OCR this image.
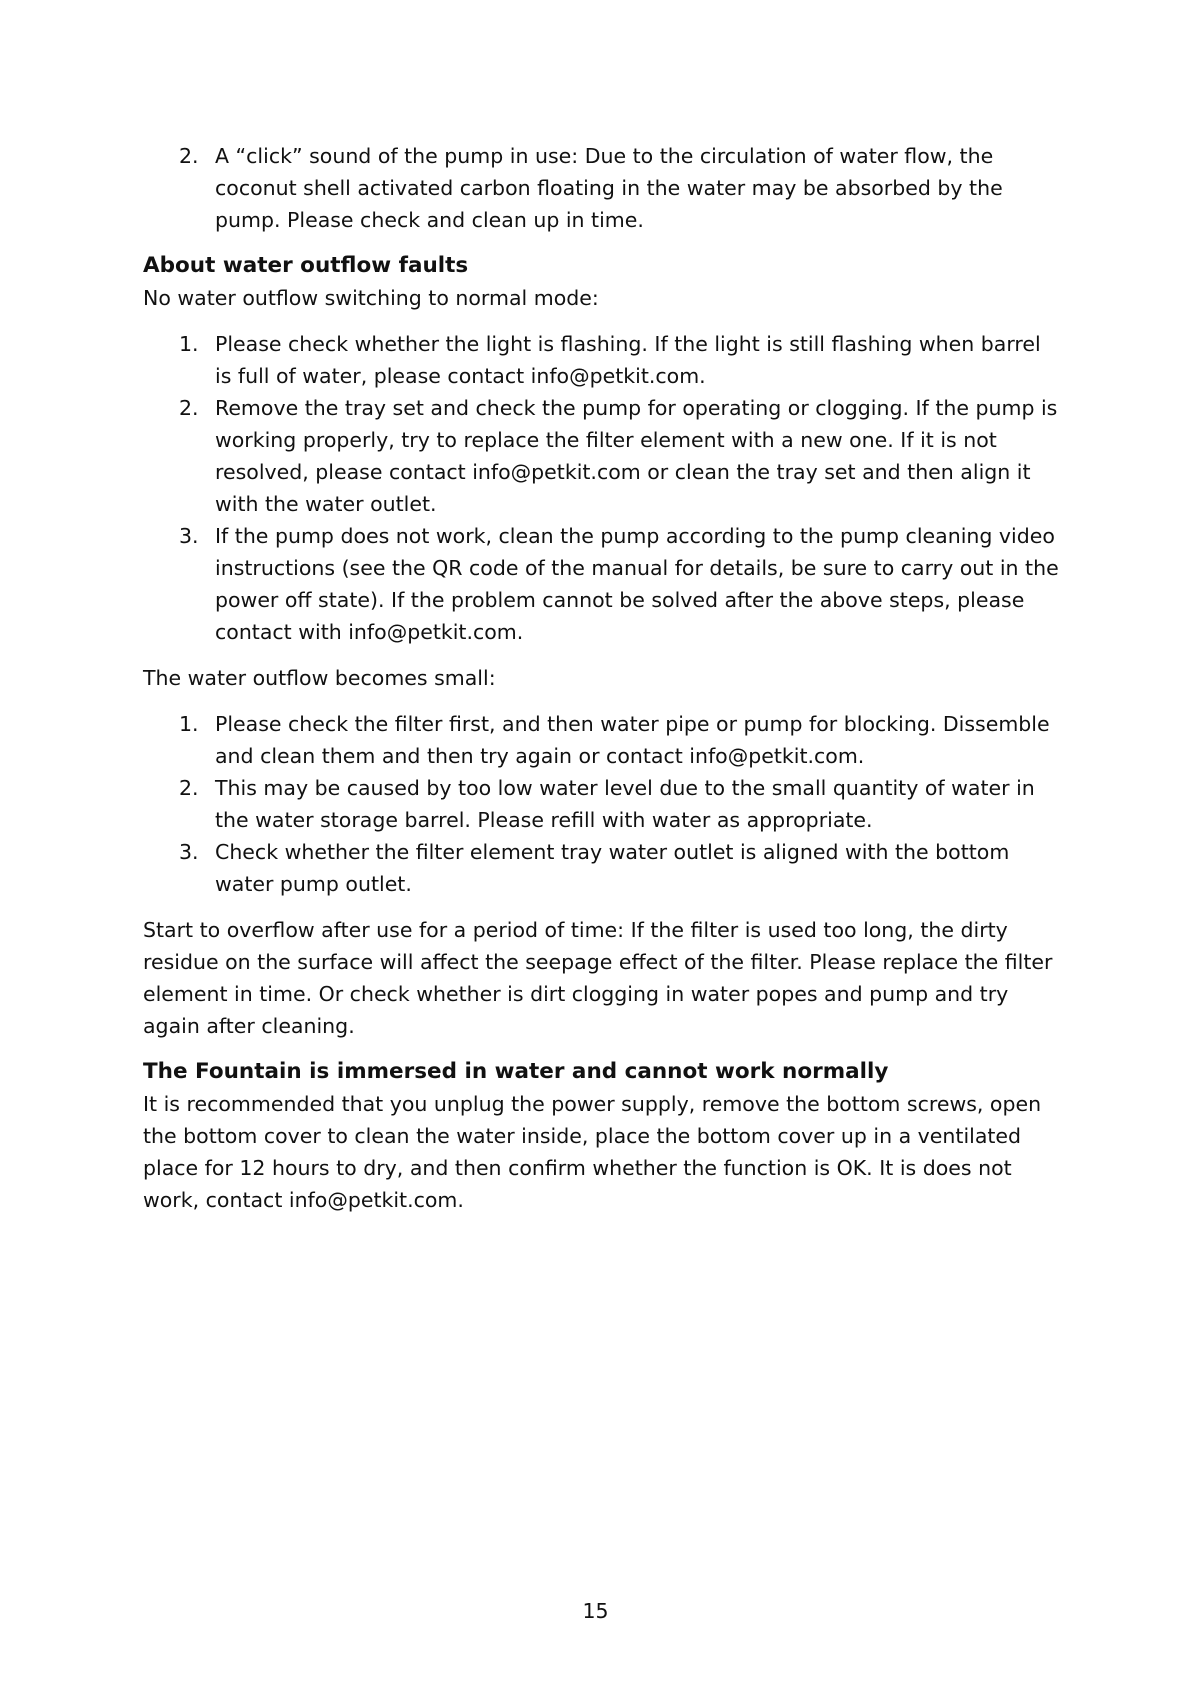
2. A “click” sound of the pump in use: Due to the circulation of water flow, the coconut shell activated carbon floating in the water may be absorbed by the pump. Please check and clean up in time.
About water outflow faults

No water outflow switching to normal mode:

1. Please check whether the light is flashing. If the light is still flashing when barrel is full of water, please contact info@petkit.com.
2. Remove the tray set and check the pump for operating or clogging. If the pump is working properly, try to replace the filter element with a new one. If it is not resolved, please contact info@petkit.com or clean the tray set and then align it with the water outlet.
3. If the pump does not work, clean the pump according to the pump cleaning video instructions (see the QR code of the manual for details, be sure to carry out in the power off state). If the problem cannot be solved after the above steps, please contact with info@petkit.com.

The water outflow becomes small:

1. Please check the filter first, and then water pipe or pump for blocking. Dissemble and clean them and then try again or contact info@petkit.com.
2. This may be caused by too low water level due to the small quantity of water in the water storage barrel. Please refill with water as appropriate.
3. Check whether the filter element tray water outlet is aligned with the bottom water pump outlet.

Start to overflow after use for a period of time: If the filter is used too long, the dirty residue on the surface will affect the seepage effect of the filter. Please replace the filter element in time. Or check whether is dirt clogging in water popes and pump and try again after cleaning.

The Fountain is immersed in water and cannot work normally

It is recommended that you unplug the power supply, remove the bottom screws, open the bottom cover to clean the water inside, place the bottom cover up in a ventilated place for 12 hours to dry, and then confirm whether the function is OK. It is does not work, contact info@petkit.com.

15
